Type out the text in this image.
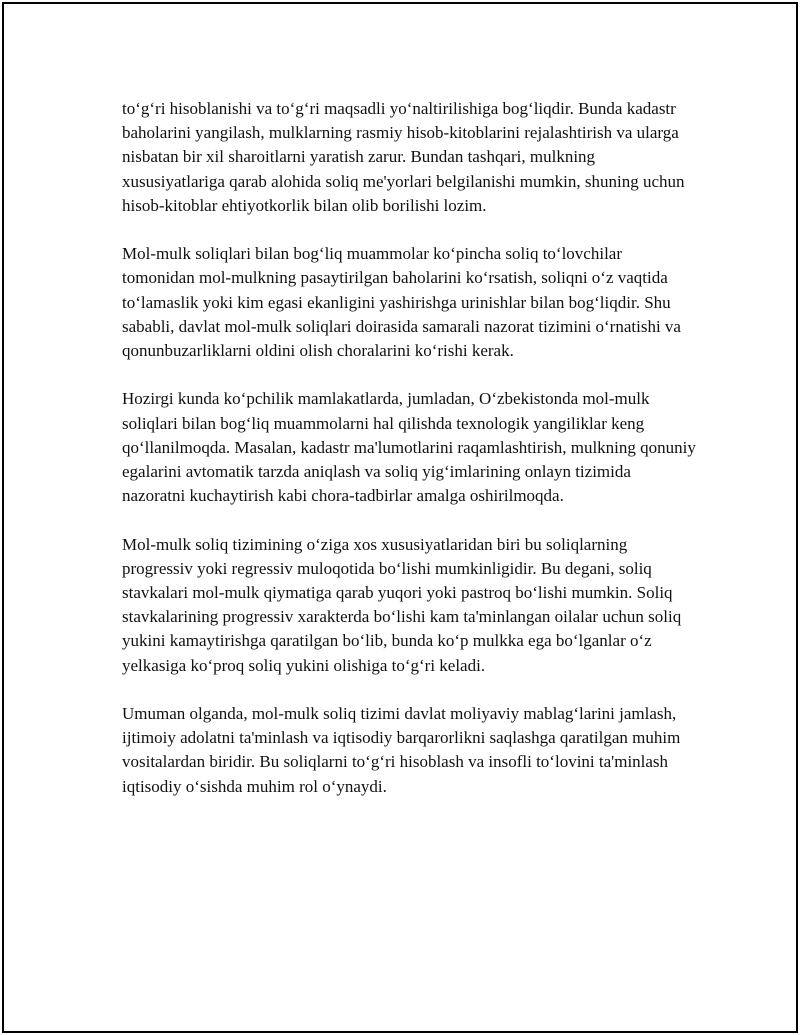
to‘g‘ri hisoblanishi va to‘g‘ri maqsadli yo‘naltirilishiga bog‘liqdir. Bunda kadastr baholarini yangilash, mulklarning rasmiy hisob-kitoblarini rejalashtirish va ularga nisbatan bir xil sharoitlarni yaratish zarur. Bundan tashqari, mulkning xususiyatlariga qarab alohida soliq me'yorlari belgilanishi mumkin, shuning uchun hisob-kitoblar ehtiyotkorlik bilan olib borilishi lozim.

Mol-mulk soliqlari bilan bog‘liq muammolar ko‘pincha soliq to‘lovchilar tomonidan mol-mulkning pasaytirilgan baholarini ko‘rsatish, soliqni o‘z vaqtida to‘lamaslik yoki kim egasi ekanligini yashirishga urinishlar bilan bog‘liqdir. Shu sababli, davlat mol-mulk soliqlari doirasida samarali nazorat tizimini o‘rnatishi va qonunbuzarliklarni oldini olish choralarini ko‘rishi kerak.

Hozirgi kunda ko‘pchilik mamlakatlarda, jumladan, O‘zbekistonda mol-mulk soliqlari bilan bog‘liq muammolarni hal qilishda texnologik yangiliklar keng qo‘llanilmoqda. Masalan, kadastr ma'lumotlarini raqamlashtirish, mulkning qonuniy egalarini avtomatik tarzda aniqlash va soliq yig‘imlarining onlayn tizimida nazoratni kuchaytirish kabi chora-tadbirlar amalga oshirilmoqda.

Mol-mulk soliq tizimining o‘ziga xos xususiyatlaridan biri bu soliqlarning progressiv yoki regressiv muloqotida bo‘lishi mumkinligidir. Bu degani, soliq stavkalari mol-mulk qiymatiga qarab yuqori yoki pastroq bo‘lishi mumkin. Soliq stavkalarining progressiv xarakterda bo‘lishi kam ta'minlangan oilalar uchun soliq yukini kamaytirishga qaratilgan bo‘lib, bunda ko‘p mulkka ega bo‘lganlar o‘z yelkasiga ko‘proq soliq yukini olishiga to‘g‘ri keladi.

Umuman olganda, mol-mulk soliq tizimi davlat moliyaviy mablag‘larini jamlash, ijtimoiy adolatni ta'minlash va iqtisodiy barqarorlikni saqlashga qaratilgan muhim vositalardan biridir. Bu soliqlarni to‘g‘ri hisoblash va insofli to‘lovini ta'minlash iqtisodiy o‘sishda muhim rol o‘ynaydi.
